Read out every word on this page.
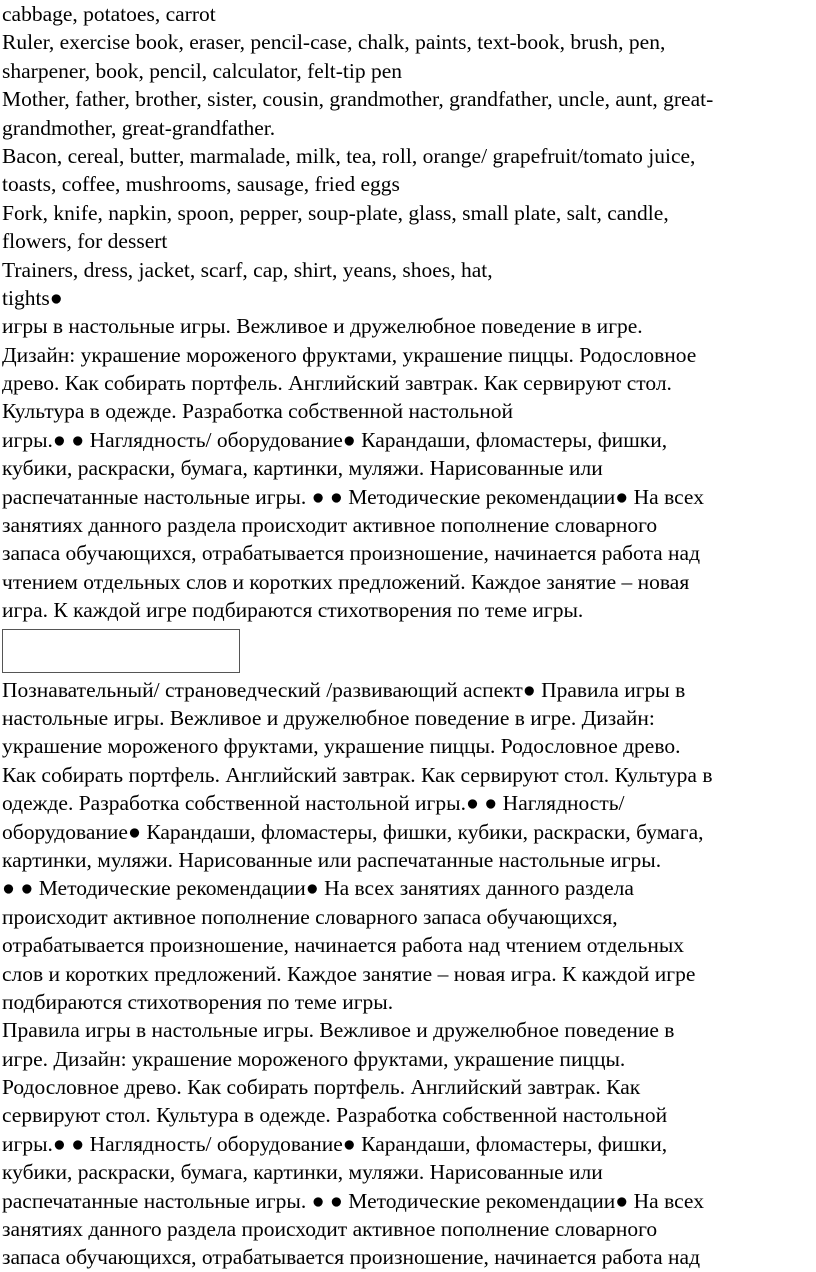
cabbage, potatoes, carrot
Ruler, exercise book, eraser, pencil-case, chalk, paints, text-book, brush, pen,
sharpener, book, pencil, calculator, felt-tip pen
Mother, father, brother, sister, cousin, grandmother, grandfather, uncle, aunt, great-
grandmother, great-grandfather.
Bacon, cereal, butter, marmalade, milk, tea, roll, orange/ grapefruit/tomato juice,
toasts, coffee, mushrooms, sausage, fried eggs
Fork, knife, napkin, spoon, pepper, soup-plate, glass, small plate, salt, candle,
flowers, for dessert
Trainers, dress, jacket, scarf, cap, shirt, yeans, shoes, hat,
tights●
игры в настольные игры. Вежливое и дружелюбное поведение в игре.
Дизайн: украшение мороженого фруктами, украшение пиццы. Родословное
древо. Как собирать портфель. Английский завтрак. Как сервируют стол.
Культура в одежде. Разработка собственной настольной
игры.● ● Наглядность/ оборудование● Карандаши, фломастеры, фишки,
кубики, раскраски, бумага, картинки, муляжи. Нарисованные или
распечатанные настольные игры. ● ● Методические рекомендации● На всех
занятиях данного раздела происходит активное пополнение словарного
запаса обучающихся, отрабатывается произношение, начинается работа над
чтением отдельных слов и коротких предложений. Каждое занятие – новая
игра. К каждой игре подбираются стихотворения по теме игры.
Познавательный/ страноведческий /развивающий аспект● Правила игры в
настольные игры. Вежливое и дружелюбное поведение в игре. Дизайн:
украшение мороженого фруктами, украшение пиццы. Родословное древо.
Как собирать портфель. Английский завтрак. Как сервируют стол. Культура в
одежде. Разработка собственной настольной игры.● ● Наглядность/
оборудование● Карандаши, фломастеры, фишки, кубики, раскраски, бумага,
картинки, муляжи. Нарисованные или распечатанные настольные игры.
● ● Методические рекомендации● На всех занятиях данного раздела
происходит активное пополнение словарного запаса обучающихся,
отрабатывается произношение, начинается работа над чтением отдельных
слов и коротких предложений. Каждое занятие – новая игра. К каждой игре
подбираются стихотворения по теме игры.
Правила игры в настольные игры. Вежливое и дружелюбное поведение в
игре. Дизайн: украшение мороженого фруктами, украшение пиццы.
Родословное древо. Как собирать портфель. Английский завтрак. Как
сервируют стол. Культура в одежде. Разработка собственной настольной
игры.● ● Наглядность/ оборудование● Карандаши, фломастеры, фишки,
кубики, раскраски, бумага, картинки, муляжи. Нарисованные или
распечатанные настольные игры. ● ● Методические рекомендации● На всех
занятиях данного раздела происходит активное пополнение словарного
запаса обучающихся, отрабатывается произношение, начинается работа над
